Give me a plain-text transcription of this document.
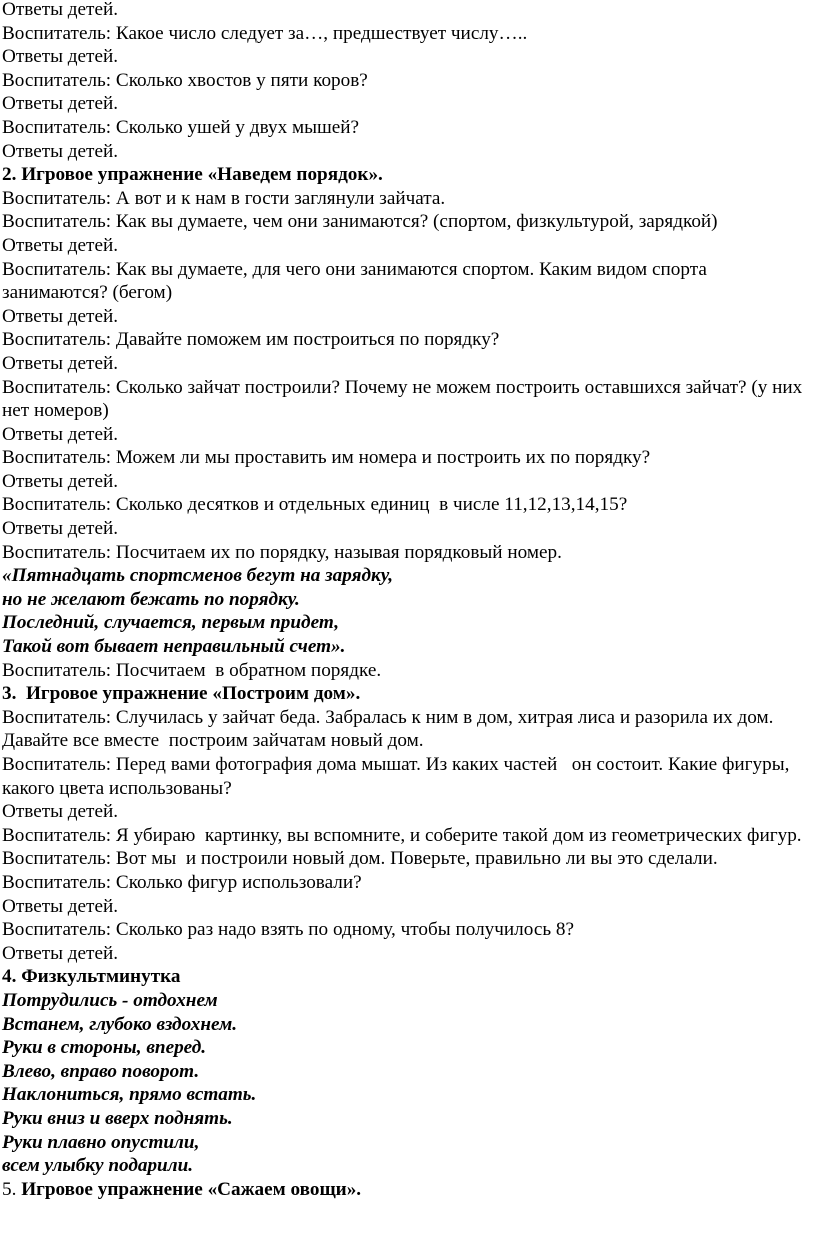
Ответы детей.

Воспитатель: Какое число следует за…, предшествует числу…..

Ответы детей.

Воспитатель: Сколько хвостов у пяти коров?

Ответы детей.

Воспитатель: Сколько ушей у двух мышей?

Ответы детей.

2. Игровое упражнение «Наведем порядок».

Воспитатель: А вот и к нам в гости заглянули зайчата.

Воспитатель: Как вы думаете, чем они занимаются? (спортом, физкультурой, зарядкой)

Ответы детей.

Воспитатель: Как вы думаете, для чего они занимаются спортом. Каким видом спорта занимаются? (бегом)

Ответы детей.

Воспитатель: Давайте поможем им построиться по порядку?

Ответы детей.

Воспитатель: Сколько зайчат построили? Почему не можем построить оставшихся зайчат? (у них нет номеров)

Ответы детей.

Воспитатель: Можем ли мы проставить им номера и построить их по порядку?

Ответы детей.

Воспитатель: Сколько десятков и отдельных единиц  в числе 11,12,13,14,15?

Ответы детей.

Воспитатель: Посчитаем их по порядку, называя порядковый номер.

«Пятнадцать спортсменов бегут на зарядку,

но не желают бежать по порядку.

Последний, случается, первым придет,

Такой вот бывает неправильный счет».

Воспитатель: Посчитаем  в обратном порядке.

3.  Игровое упражнение «Построим дом».

Воспитатель: Случилась у зайчат беда. Забралась к ним в дом, хитрая лиса и разорила их дом. Давайте все вместе  построим зайчатам новый дом.

Воспитатель: Перед вами фотография дома мышат. Из каких частей   он состоит. Какие фигуры, какого цвета использованы?

Ответы детей.

Воспитатель: Я убираю  картинку, вы вспомните, и соберите такой дом из геометрических фигур.

Воспитатель: Вот мы  и построили новый дом. Поверьте, правильно ли вы это сделали.

Воспитатель: Сколько фигур использовали?

Ответы детей.

Воспитатель: Сколько раз надо взять по одному, чтобы получилось 8?

Ответы детей.

4. Физкультминутка

Потрудились - отдохнем

Встанем, глубоко вздохнем.

Руки в стороны, вперед.

Влево, вправо поворот.

Наклониться, прямо встать.

Руки вниз и вверх поднять.

Руки плавно опустили,

всем улыбку подарили.

5. Игровое упражнение «Сажаем овощи».
